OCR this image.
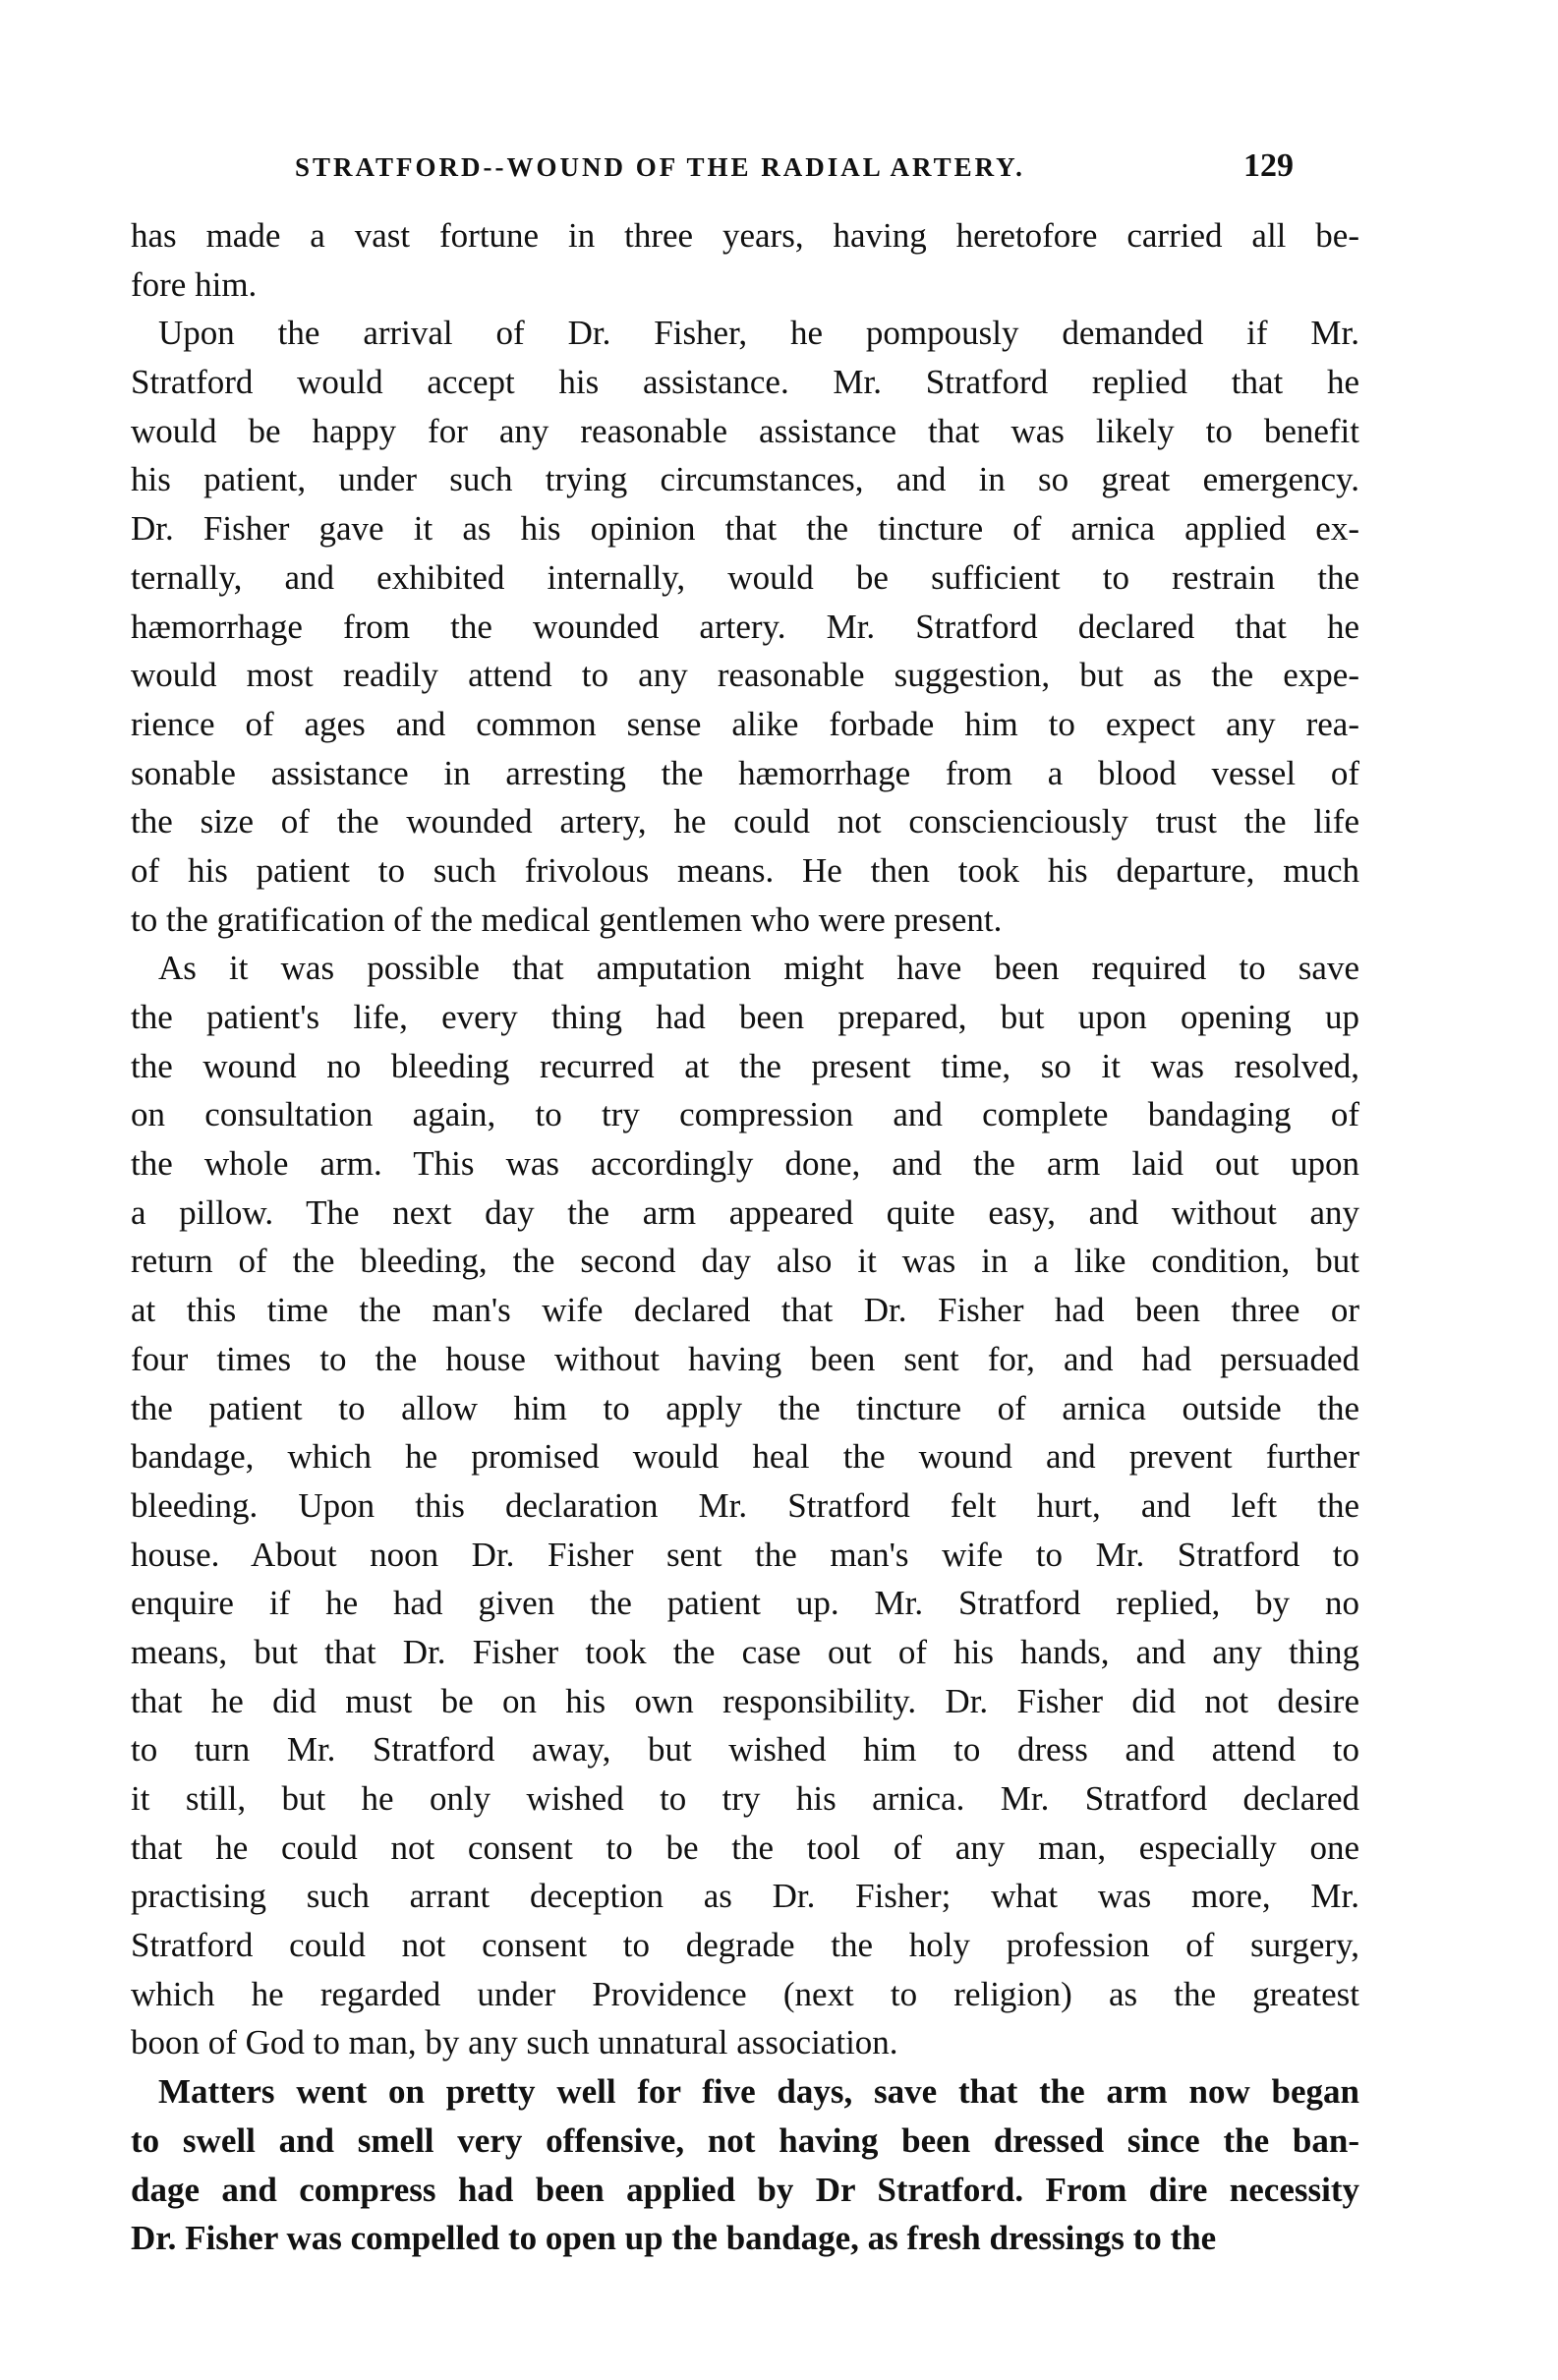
STRATFORD--WOUND OF THE RADIAL ARTERY.	129
has made a vast fortune in three years, having heretofore carried all be-
fore him.
Upon the arrival of Dr. Fisher, he pompously demanded if Mr.
Stratford would accept his assistance. Mr. Stratford replied that he
would be happy for any reasonable assistance that was likely to benefit
his patient, under such trying circumstances, and in so great emergency.
Dr. Fisher gave it as his opinion that the tincture of arnica applied ex-
ternally, and exhibited internally, would be sufficient to restrain the
hæmorrhage from the wounded artery. Mr. Stratford declared that he
would most readily attend to any reasonable suggestion, but as the expe-
rience of ages and common sense alike forbade him to expect any rea-
sonable assistance in arresting the hæmorrhage from a blood vessel of
the size of the wounded artery, he could not conscienciously trust the life
of his patient to such frivolous means. He then took his departure, much
to the gratification of the medical gentlemen who were present.
As it was possible that amputation might have been required to save
the patient's life, every thing had been prepared, but upon opening up
the wound no bleeding recurred at the present time, so it was resolved,
on consultation again, to try compression and complete bandaging of
the whole arm. This was accordingly done, and the arm laid out upon
a pillow. The next day the arm appeared quite easy, and without any
return of the bleeding, the second day also it was in a like condition, but
at this time the man's wife declared that Dr. Fisher had been three or
four times to the house without having been sent for, and had persuaded
the patient to allow him to apply the tincture of arnica outside the
bandage, which he promised would heal the wound and prevent further
bleeding. Upon this declaration Mr. Stratford felt hurt, and left the
house. About noon Dr. Fisher sent the man's wife to Mr. Stratford to
enquire if he had given the patient up. Mr. Stratford replied, by no
means, but that Dr. Fisher took the case out of his hands, and any thing
that he did must be on his own responsibility. Dr. Fisher did not desire
to turn Mr. Stratford away, but wished him to dress and attend to
it still, but he only wished to try his arnica. Mr. Stratford declared
that he could not consent to be the tool of any man, especially one
practising such arrant deception as Dr. Fisher; what was more, Mr.
Stratford could not consent to degrade the holy profession of surgery,
which he regarded under Providence (next to religion) as the greatest
boon of God to man, by any such unnatural association.
Matters went on pretty well for five days, save that the arm now began
to swell and smell very offensive, not having been dressed since the ban-
dage and compress had been applied by Dr Stratford. From dire necessity
Dr. Fisher was compelled to open up the bandage, as fresh dressings to the
